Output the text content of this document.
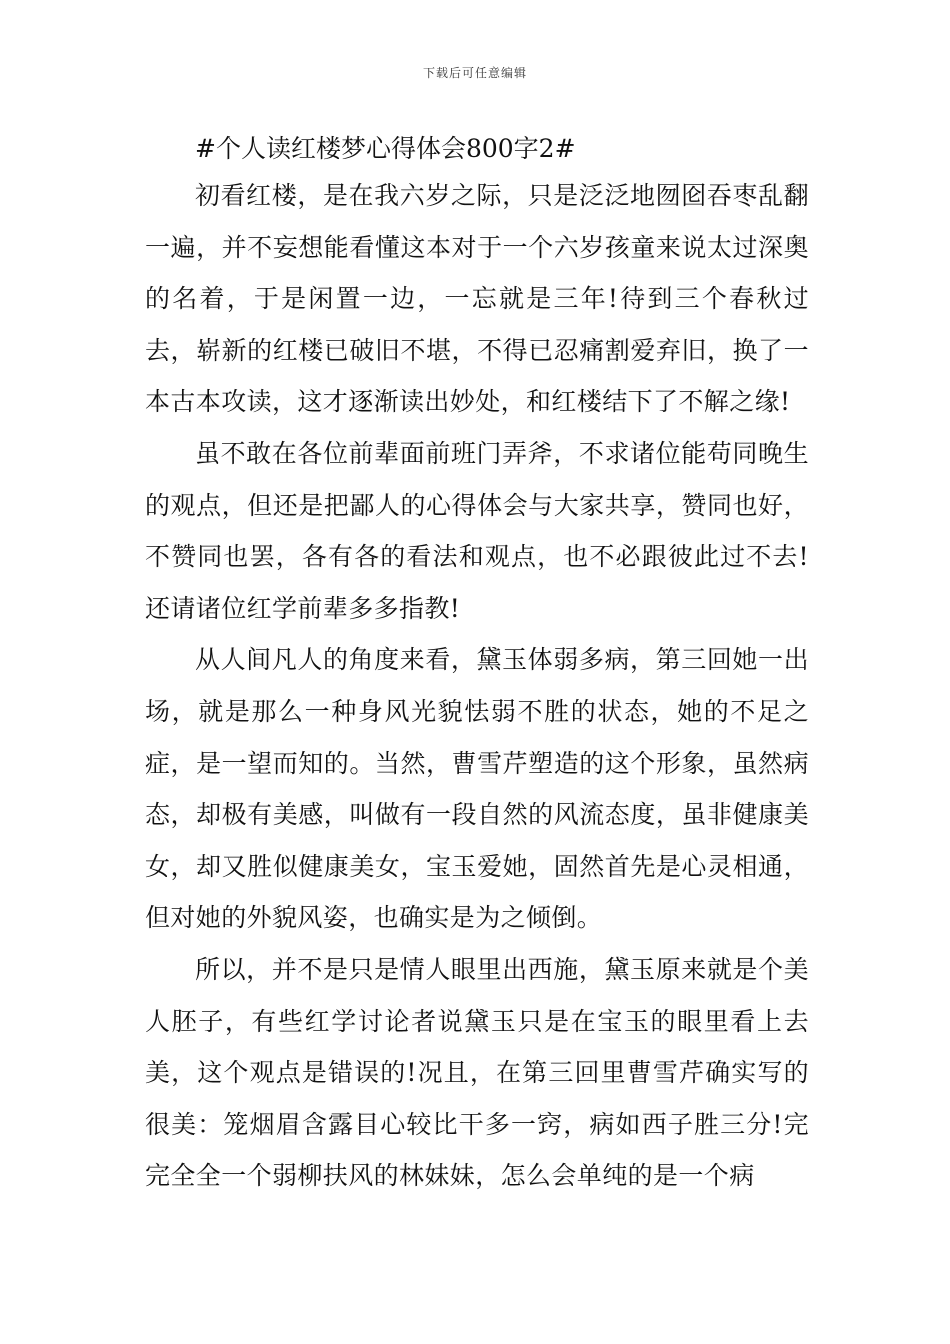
下载后可任意编辑
#个人读红楼梦心得体会800字2#

初看红楼，是在我六岁之际，只是泛泛地囫囵吞枣乱翻一遍，并不妄想能看懂这本对于一个六岁孩童来说太过深奥的名着，于是闲置一边，一忘就是三年!待到三个春秋过去，崭新的红楼已破旧不堪，不得已忍痛割爱弃旧，换了一本古本攻读，这才逐渐读出妙处，和红楼结下了不解之缘!

虽不敢在各位前辈面前班门弄斧，不求诸位能苟同晚生的观点，但还是把鄙人的心得体会与大家共享，赞同也好，不赞同也罢，各有各的看法和观点，也不必跟彼此过不去!还请诸位红学前辈多多指教!

从人间凡人的角度来看，黛玉体弱多病，第三回她一出场，就是那么一种身风光貌怯弱不胜的状态，她的不足之症，是一望而知的。当然，曹雪芹塑造的这个形象，虽然病态，却极有美感，叫做有一段自然的风流态度，虽非健康美女，却又胜似健康美女，宝玉爱她，固然首先是心灵相通，但对她的外貌风姿，也确实是为之倾倒。

所以，并不是只是情人眼里出西施，黛玉原来就是个美人胚子，有些红学讨论者说黛玉只是在宝玉的眼里看上去美，这个观点是错误的!况且，在第三回里曹雪芹确实写的很美：笼烟眉含露目心较比干多一窍，病如西子胜三分!完完全全一个弱柳扶风的林妹妹，怎么会单纯的是一个病
